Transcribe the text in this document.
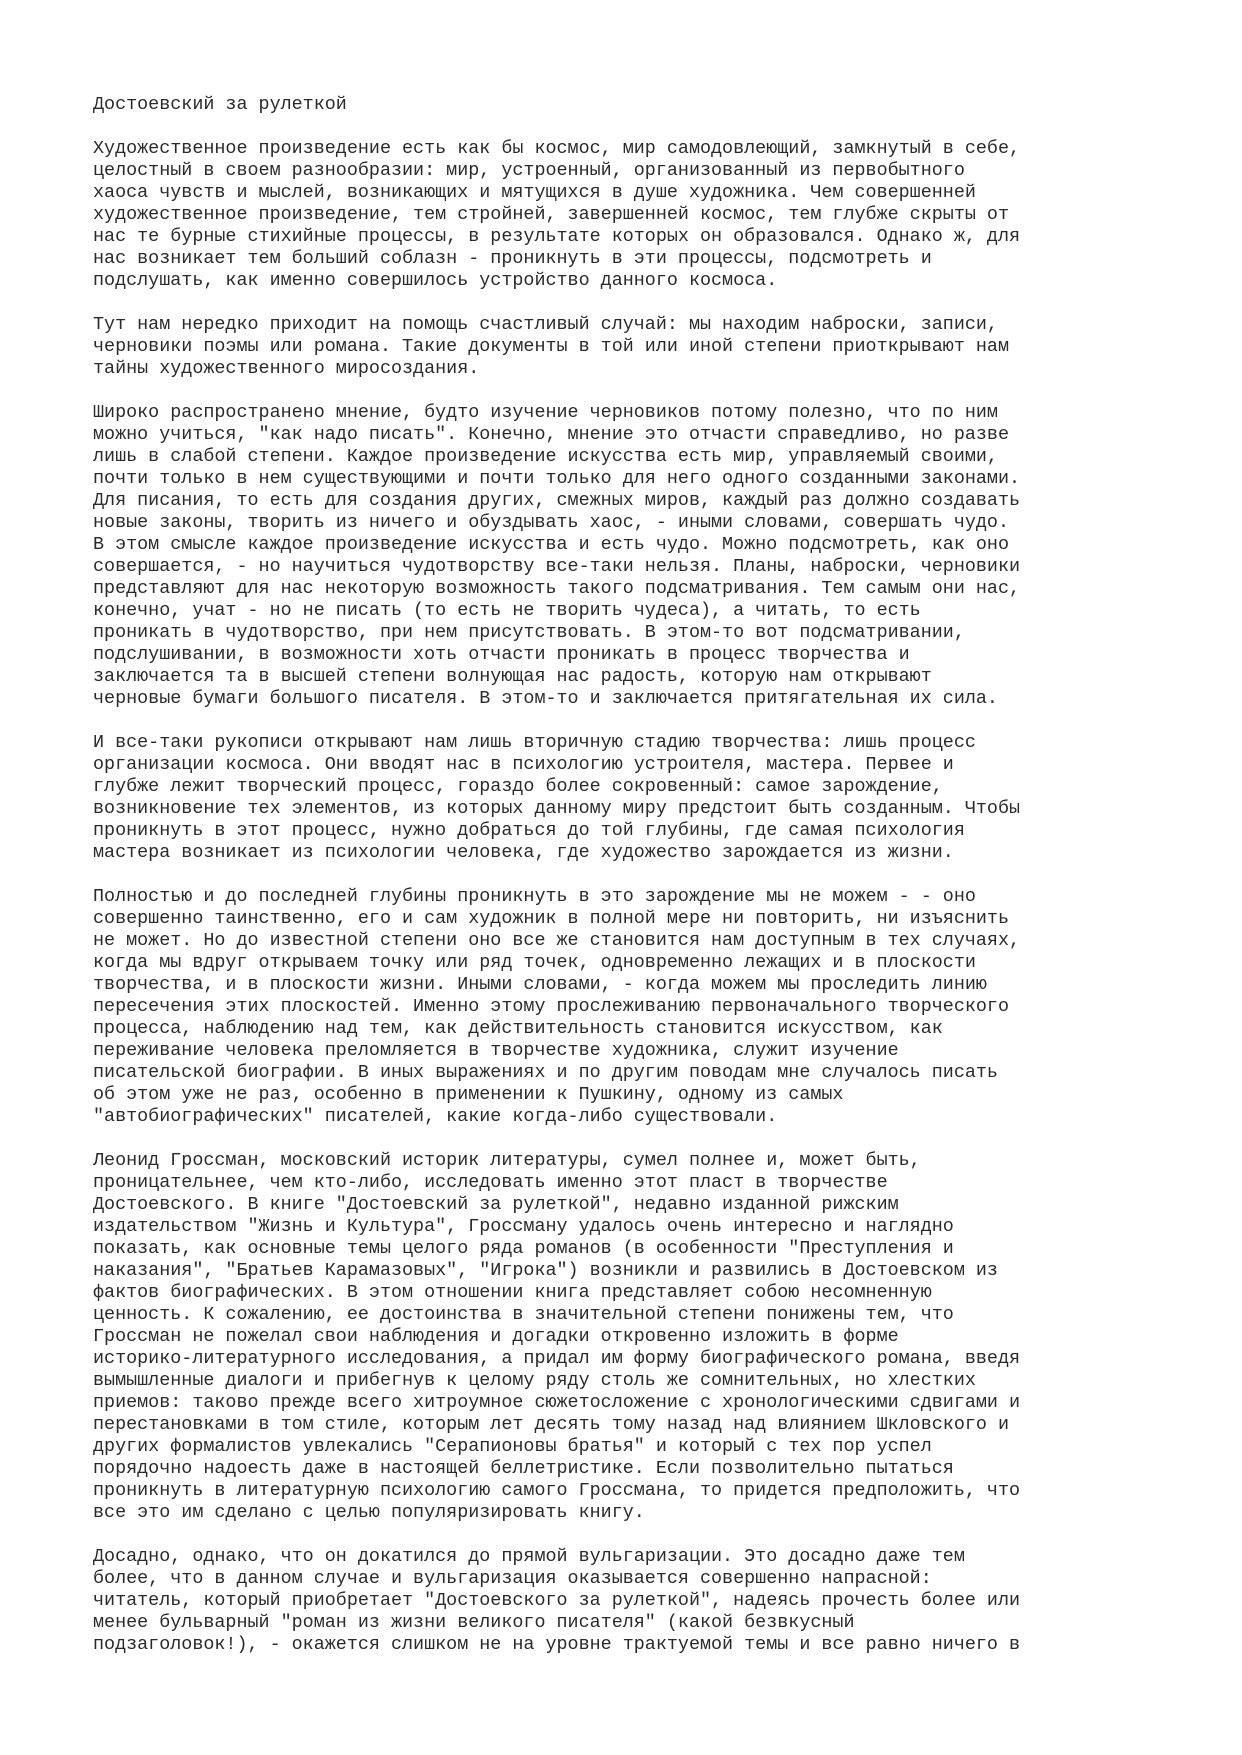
Достоевский за рулеткой
Художественное произведение есть как бы космос, мир самодовлеющий, замкнутый в себе,
целостный в своем разнообразии: мир, устроенный, организованный из первобытного
хаоса чувств и мыслей, возникающих и мятущихся в душе художника. Чем совершенней
художественное произведение, тем стройней, завершенней космос, тем глубже скрыты от
нас те бурные стихийные процессы, в результате которых он образовался. Однако ж, для
нас возникает тем больший соблазн - проникнуть в эти процессы, подсмотреть и
подслушать, как именно совершилось устройство данного космоса.
Тут нам нередко приходит на помощь счастливый случай: мы находим наброски, записи,
черновики поэмы или романа. Такие документы в той или иной степени приоткрывают нам
тайны художественного миросоздания.
Широко распространено мнение, будто изучение черновиков потому полезно, что по ним
можно учиться, "как надо писать". Конечно, мнение это отчасти справедливо, но разве
лишь в слабой степени. Каждое произведение искусства есть мир, управляемый своими,
почти только в нем существующими и почти только для него одного созданными законами.
Для писания, то есть для создания других, смежных миров, каждый раз должно создавать
новые законы, творить из ничего и обуздывать хаос, - иными словами, совершать чудо.
В этом смысле каждое произведение искусства и есть чудо. Можно подсмотреть, как оно
совершается, - но научиться чудотворству все-таки нельзя. Планы, наброски, черновики
представляют для нас некоторую возможность такого подсматривания. Тем самым они нас,
конечно, учат - но не писать (то есть не творить чудеса), а читать, то есть
проникать в чудотворство, при нем присутствовать. В этом-то вот подсматривании,
подслушивании, в возможности хоть отчасти проникать в процесс творчества и
заключается та в высшей степени волнующая нас радость, которую нам открывают
черновые бумаги большого писателя. В этом-то и заключается притягательная их сила.
И все-таки рукописи открывают нам лишь вторичную стадию творчества: лишь процесс
организации космоса. Они вводят нас в психологию устроителя, мастера. Первее и
глубже лежит творческий процесс, гораздо более сокровенный: самое зарождение,
возникновение тех элементов, из которых данному миру предстоит быть созданным. Чтобы
проникнуть в этот процесс, нужно добраться до той глубины, где самая психология
мастера возникает из психологии человека, где художество зарождается из жизни.
Полностью и до последней глубины проникнуть в это зарождение мы не можем - - оно
совершенно таинственно, его и сам художник в полной мере ни повторить, ни изъяснить
не может. Но до известной степени оно все же становится нам доступным в тех случаях,
когда мы вдруг открываем точку или ряд точек, одновременно лежащих и в плоскости
творчества, и в плоскости жизни. Иными словами, - когда можем мы проследить линию
пересечения этих плоскостей. Именно этому прослеживанию первоначального творческого
процесса, наблюдению над тем, как действительность становится искусством, как
переживание человека преломляется в творчестве художника, служит изучение
писательской биографии. В иных выражениях и по другим поводам мне случалось писать
об этом уже не раз, особенно в применении к Пушкину, одному из самых
"автобиографических" писателей, какие когда-либо существовали.
Леонид Гроссман, московский историк литературы, сумел полнее и, может быть,
проницательнее, чем кто-либо, исследовать именно этот пласт в творчестве
Достоевского. В книге "Достоевский за рулеткой", недавно изданной рижским
издательством "Жизнь и Культура", Гроссману удалось очень интересно и наглядно
показать, как основные темы целого ряда романов (в особенности "Преступления и
наказания", "Братьев Карамазовых", "Игрока") возникли и развились в Достоевском из
фактов биографических. В этом отношении книга представляет собою несомненную
ценность. К сожалению, ее достоинства в значительной степени понижены тем, что
Гроссман не пожелал свои наблюдения и догадки откровенно изложить в форме
историко-литературного исследования, а придал им форму биографического романа, введя
вымышленные диалоги и прибегнув к целому ряду столь же сомнительных, но хлестких
приемов: таково прежде всего хитроумное сюжетосложение с хронологическими сдвигами и
перестановками в том стиле, которым лет десять тому назад над влиянием Шкловского и
других формалистов увлекались "Серапионовы братья" и который с тех пор успел
порядочно надоесть даже в настоящей беллетристике. Если позволительно пытаться
проникнуть в литературную психологию самого Гроссмана, то придется предположить, что
все это им сделано с целью популяризировать книгу.
Досадно, однако, что он докатился до прямой вульгаризации. Это досадно даже тем
более, что в данном случае и вульгаризация оказывается совершенно напрасной:
читатель, который приобретает "Достоевского за рулеткой", надеясь прочесть более или
менее бульварный "роман из жизни великого писателя" (какой безвкусный
подзаголовок!), - окажется слишком не на уровне трактуемой темы и все равно ничего в
